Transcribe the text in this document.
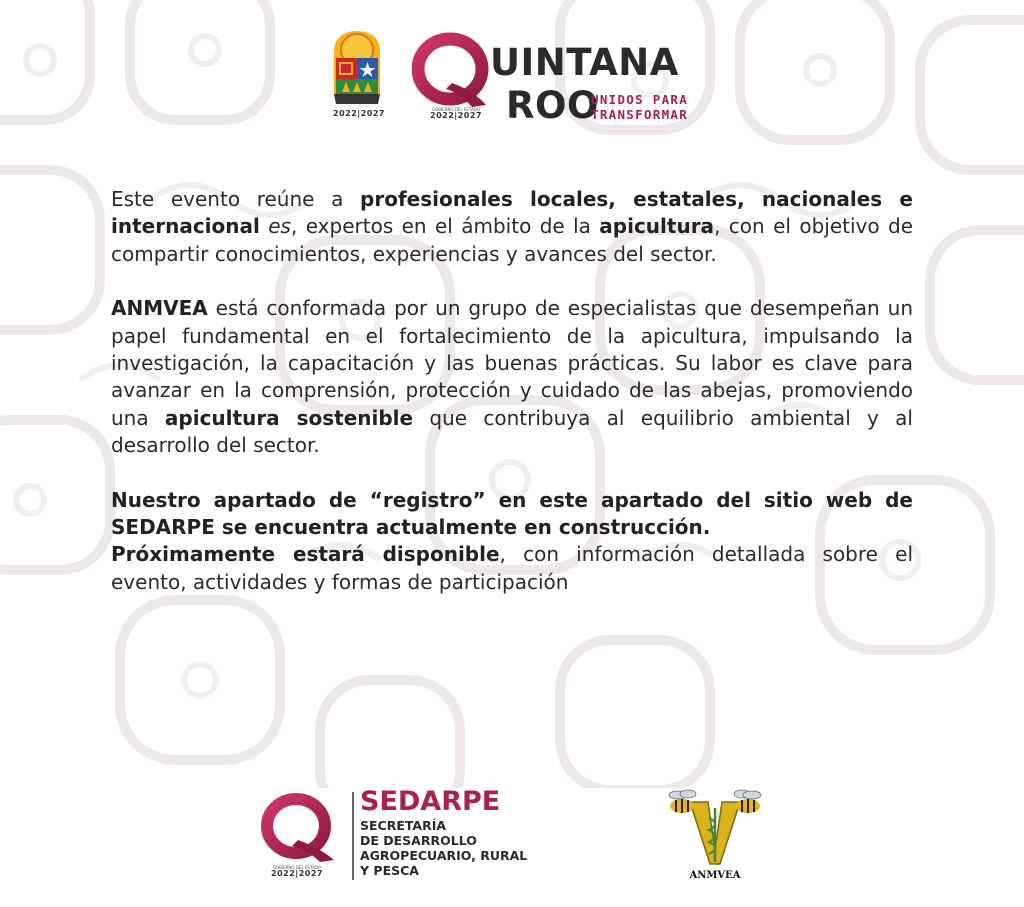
2022|2027	GOBIERNO DEL ESTADO
2022|2027
UINTANA
ROO
UNIDOS PARA
TRANSFORMAR

Este evento reúne a profesionales locales, estatales, nacionales e internacional es, expertos en el ámbito de la apicultura, con el objetivo de compartir conocimientos, experiencias y avances del sector.

ANMVEA está conformada por un grupo de especialistas que desempeñan un papel fundamental en el fortalecimiento de la apicultura, impulsando la investigación, la capacitación y las buenas prácticas. Su labor es clave para avanzar en la comprensión, protección y cuidado de las abejas, promoviendo una apicultura sostenible que contribuya al equilibrio ambiental y al desarrollo del sector.

Nuestro apartado de “registro” en este apartado del sitio web de SEDARPE se encuentra actualmente en construcción.
Próximamente estará disponible, con información detallada sobre el evento, actividades y formas de participación

GOBIERNO DEL ESTADO
2022|2027
SEDARPE
SECRETARÍA
DE DESARROLLO
AGROPECUARIO, RURAL
Y PESCA	ANMVEA
